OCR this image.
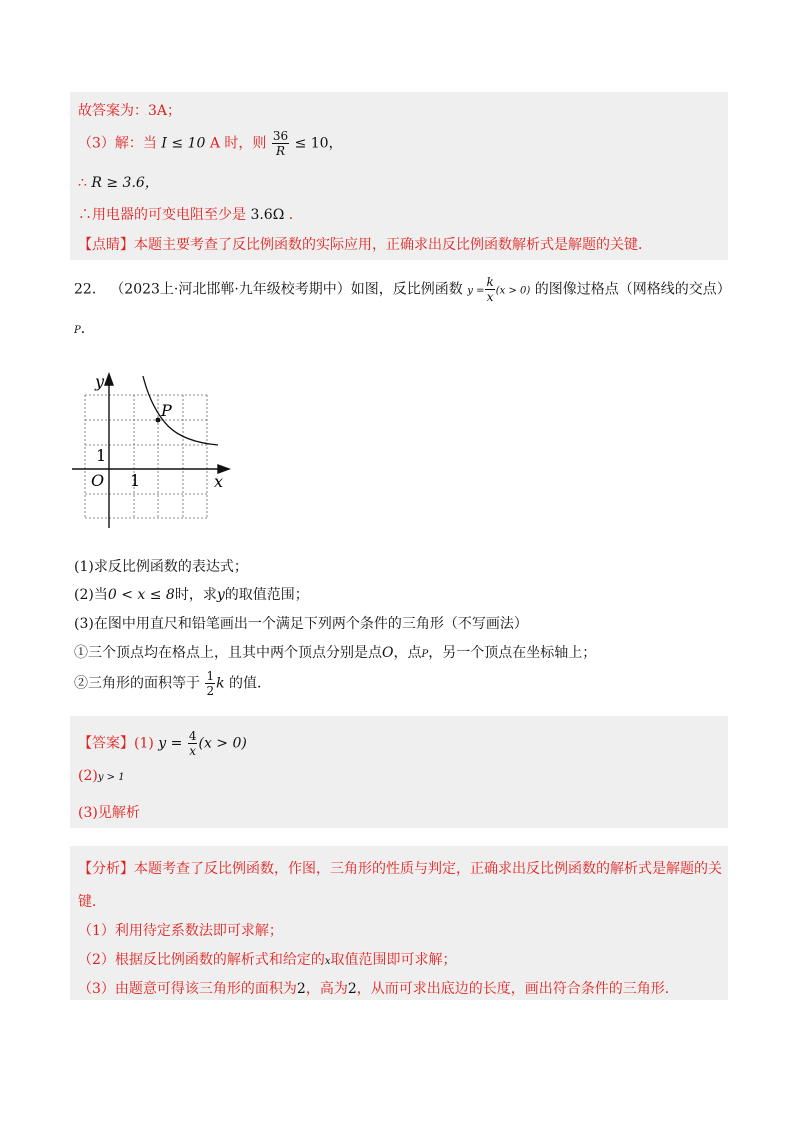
故答案为：3A；
（3）解：当 I ≤ 10 A 时，则 $\frac{36}{R} \le 10$，
∴ R ≥ 3.6，
∴用电器的可变电阻至少是 3.6Ω ．
【点睛】本题主要考查了反比例函数的实际应用，正确求出反比例函数解析式是解题的关键．
22． （2023上·河北邯郸·九年级校考期中）如图，反比例函数 $y = \frac{k}{x} (x > 0)$ 的图像过格点（网格线的交点）
P．
y
x
O 1
1
P
(1)求反比例函数的表达式；
(2)当0 < x ≤ 8时，求y的取值范围；
(3)在图中用直尺和铅笔画出一个满足下列两个条件的三角形（不写画法）
①三个顶点均在格点上，且其中两个顶点分别是点O，点P，另一个顶点在坐标轴上；
②三角形的面积等于 $\frac{1}{2}$ k 的值．
【答案】(1) $y = \frac{4}{x} (x > 0)$
(2)y > 1
(3)见解析
【分析】本题考查了反比例函数，作图，三角形的性质与判定，正确求出反比例函数的解析式是解题的关
键．
（1）利用待定系数法即可求解；
（2）根据反比例函数的解析式和给定的x取值范围即可求解；
（3）由题意可得该三角形的面积为2，高为2，从而可求出底边的长度，画出符合条件的三角形．
